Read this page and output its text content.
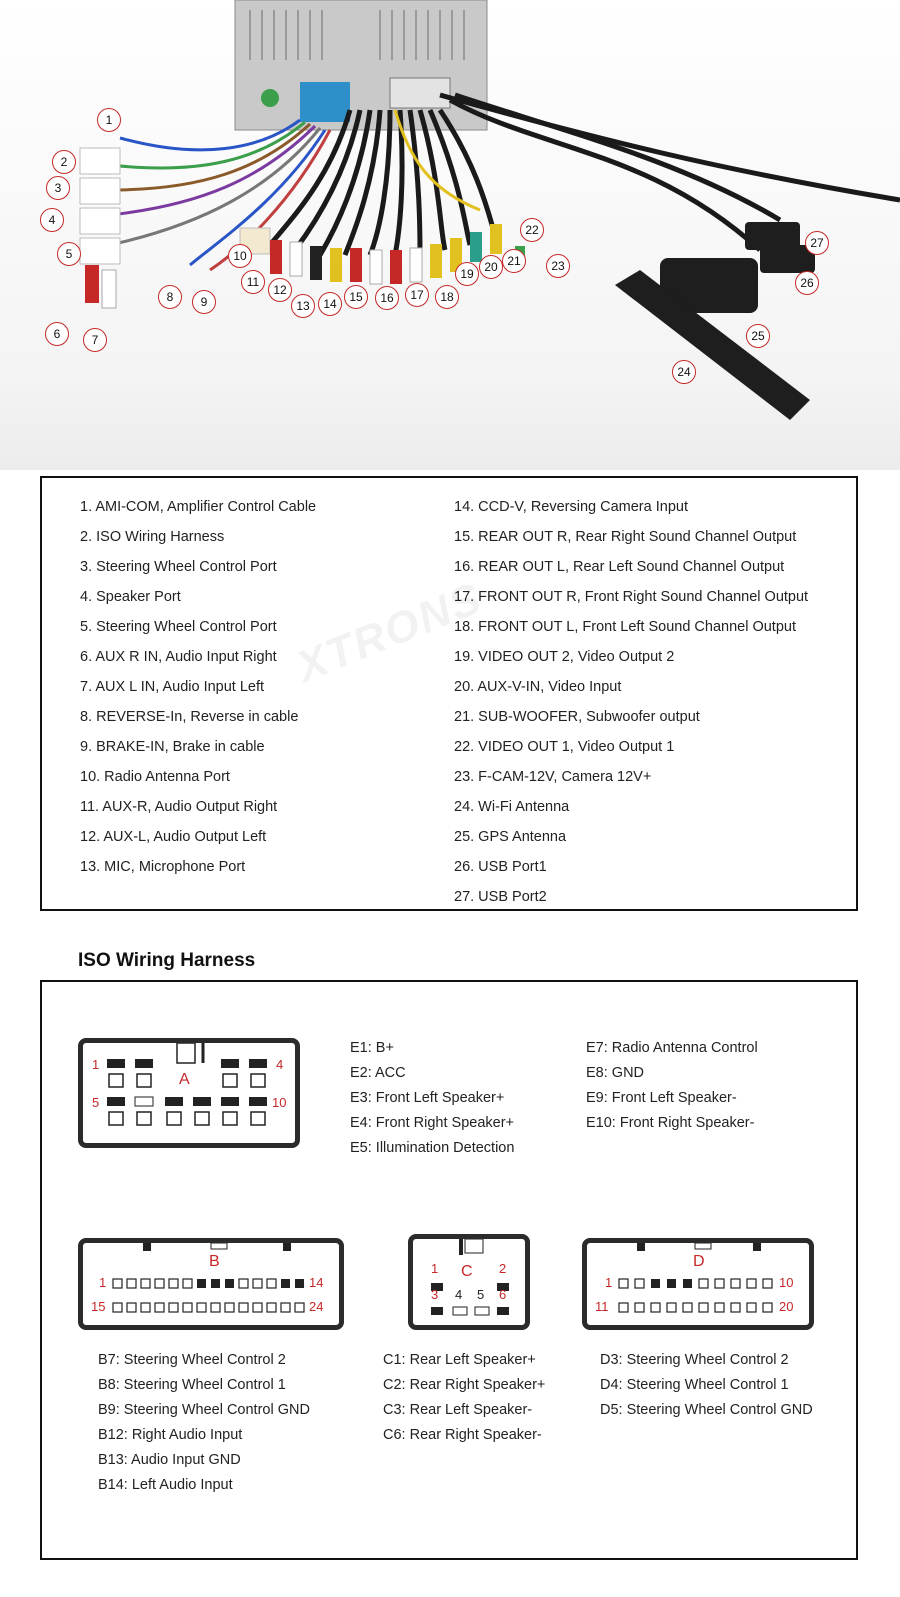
1
2
3
4
5
6	7
8	9
10
11
12
13	14	15	16	17	18
19 20 21
22
23
24
25
26
27
1. AMI-COM, Amplifier Control Cable
2. ISO Wiring Harness
3. Steering Wheel Control Port
4. Speaker Port
5. Steering Wheel Control Port
6. AUX R IN, Audio Input Right
7. AUX L IN, Audio Input Left
8. REVERSE-In, Reverse in cable
9. BRAKE-IN, Brake in cable
10. Radio Antenna Port
11. AUX-R, Audio Output Right
12. AUX-L, Audio Output Left
13. MIC, Microphone Port
14. CCD-V, Reversing Camera Input
15. REAR OUT R, Rear Right Sound Channel Output
16. REAR OUT L, Rear Left Sound Channel Output
17. FRONT OUT R, Front Right Sound Channel Output
18. FRONT OUT L, Front Left Sound Channel Output
19. VIDEO OUT 2, Video Output 2
20. AUX-V-IN, Video Input
21. SUB-WOOFER, Subwoofer output
22. VIDEO OUT 1, Video Output 1
23. F-CAM-12V, Camera 12V+
24. Wi-Fi Antenna
25. GPS Antenna
26. USB Port1
27. USB Port2
XTRONS
ISO Wiring Harness
1	4
5	10
A
E1: B+
E2: ACC
E3: Front Left Speaker+
E4: Front Right Speaker+
E5: Illumination Detection
E7: Radio Antenna Control
E8: GND
E9: Front Left Speaker-
E10: Front Right Speaker-
B
1	14
15	24
C
1	2
3 4 5 6
D
1	10
11	20
B7: Steering Wheel Control 2
B8: Steering Wheel Control 1
B9: Steering Wheel Control GND
B12: Right Audio Input
B13: Audio Input GND
B14: Left Audio Input
C1: Rear Left Speaker+
C2: Rear Right Speaker+
C3: Rear Left Speaker-
C6: Rear Right Speaker-
D3: Steering Wheel Control 2
D4: Steering Wheel Control 1
D5: Steering Wheel Control GND
